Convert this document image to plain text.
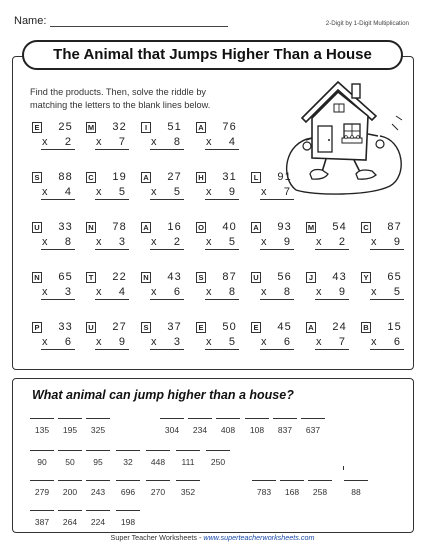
Name:	2-Digit by 1-Digit Multiplication
The Animal that Jumps Higher Than a House
Find the products. Then, solve the riddle by
matching the letters to the blank lines below.
E	25
x	2
M	32
x	7
I	51
x	8
A	76
x	4
S	88
x	4
C	19
x	5
A	27
x	5
H	31
x	9
L	91
x	7
U	33
x	8
N	78
x	3
A	16
x	2
O	40
x	5
A	93
x	9
M	54
x	2
C	87
x	9
N	65
x	3
T	22
x	4
N	43
x	6
S	87
x	8
U	56
x	8
J	43
x	9
Y	65
x	5
P	33
x	6
U	27
x	9
S	37
x	3
E	50
x	5
E	45
x	6
A	24
x	7
B	15
x	6
What animal can jump higher than a house?
135	195	325	304	234	408	108	837	637
90	50	95	32	448	111	250
279	200	243	696	270	352	783	168	258	88
387	264	224	198
Super Teacher Worksheets - www.superteacherworksheets.com
